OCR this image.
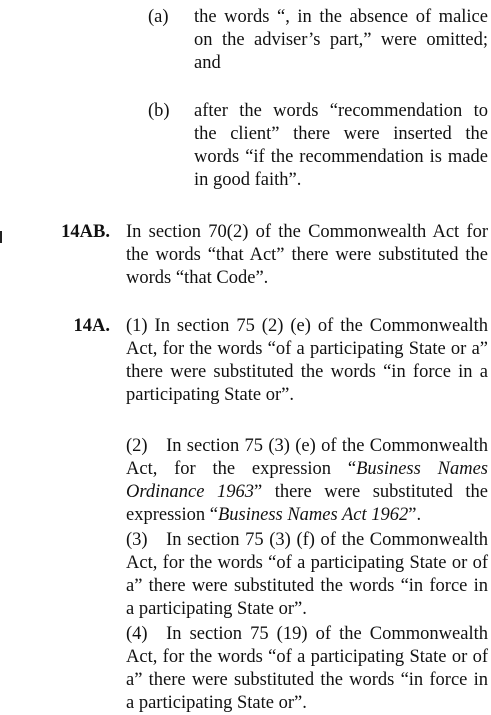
(a)	the words “, in the absence of malice on the adviser’s part,” were omitted; and
(b)	after the words “recommendation to the client” there were inserted the words “if the recommendation is made in good faith”.
14AB. In section 70(2) of the Commonwealth Act for the words “that Act” there were substituted the words “that Code”.
14A. (1) In section 75 (2) (e) of the Commonwealth Act, for the words “of a participating State or a” there were substituted the words “in force in a participating State or”.
(2) In section 75 (3) (e) of the Commonwealth Act, for the expression “Business Names Ordinance 1963” there were substituted the expression “Business Names Act 1962”.
(3) In section 75 (3) (f) of the Commonwealth Act, for the words “of a participating State or of a” there were substituted the words “in force in a participating State or”.
(4) In section 75 (19) of the Commonwealth Act, for the words “of a participating State or of a” there were substituted the words “in force in a participating State or”.
